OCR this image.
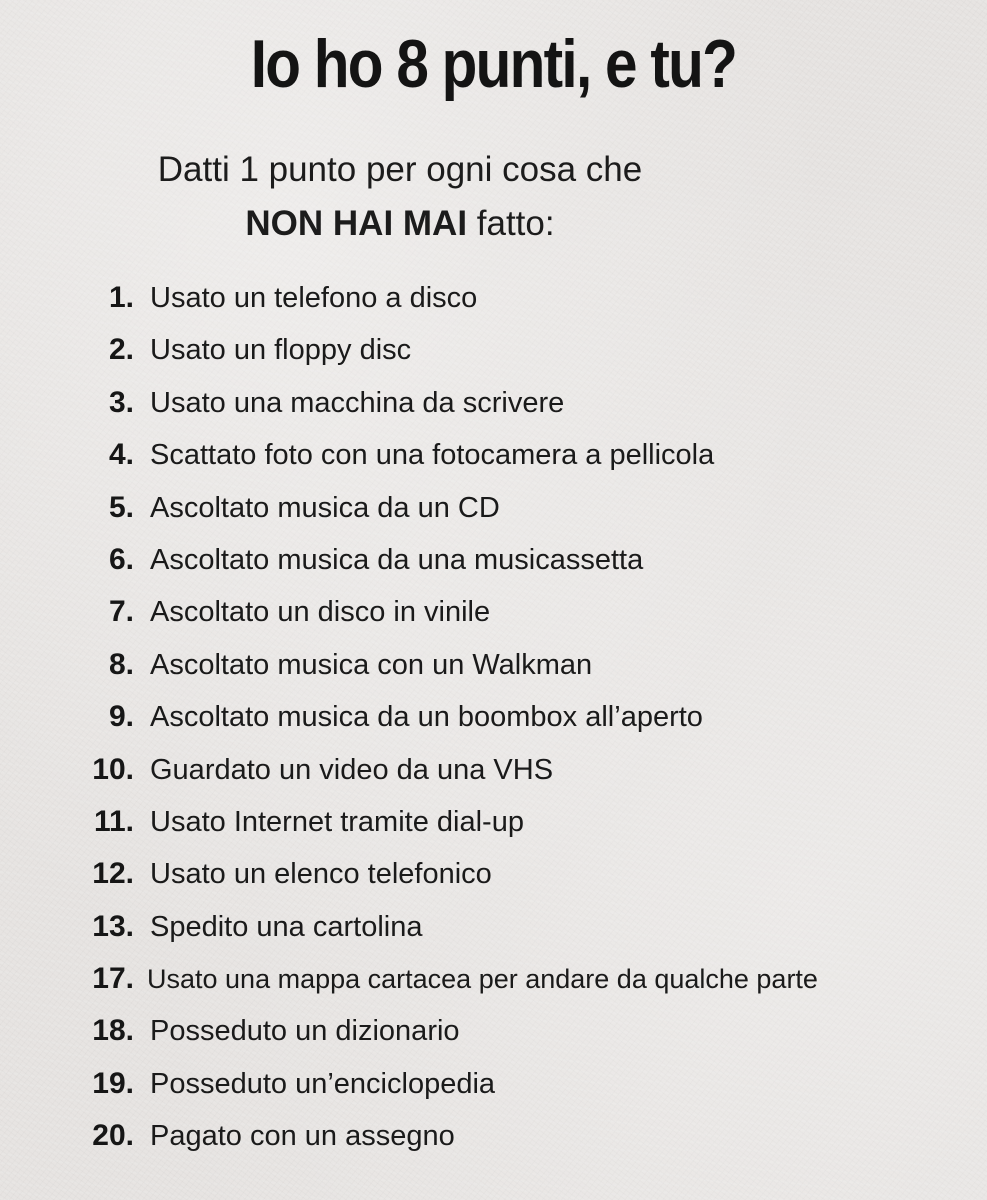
Io ho 8 punti, e tu?
Datti 1 punto per ogni cosa che
NON HAI MAI fatto:
1. Usato un telefono a disco
2. Usato un floppy disc
3. Usato una macchina da scrivere
4. Scattato foto con una fotocamera a pellicola
5. Ascoltato musica da un CD
6. Ascoltato musica da una musicassetta
7. Ascoltato un disco in vinile
8. Ascoltato musica con un Walkman
9. Ascoltato musica da un boombox all’aperto
10. Guardato un video da una VHS
11. Usato Internet tramite dial-up
12. Usato un elenco telefonico
13. Spedito una cartolina
17. Usato una mappa cartacea per andare da qualche parte
18. Posseduto un dizionario
19. Posseduto un’enciclopedia
20. Pagato con un assegno
